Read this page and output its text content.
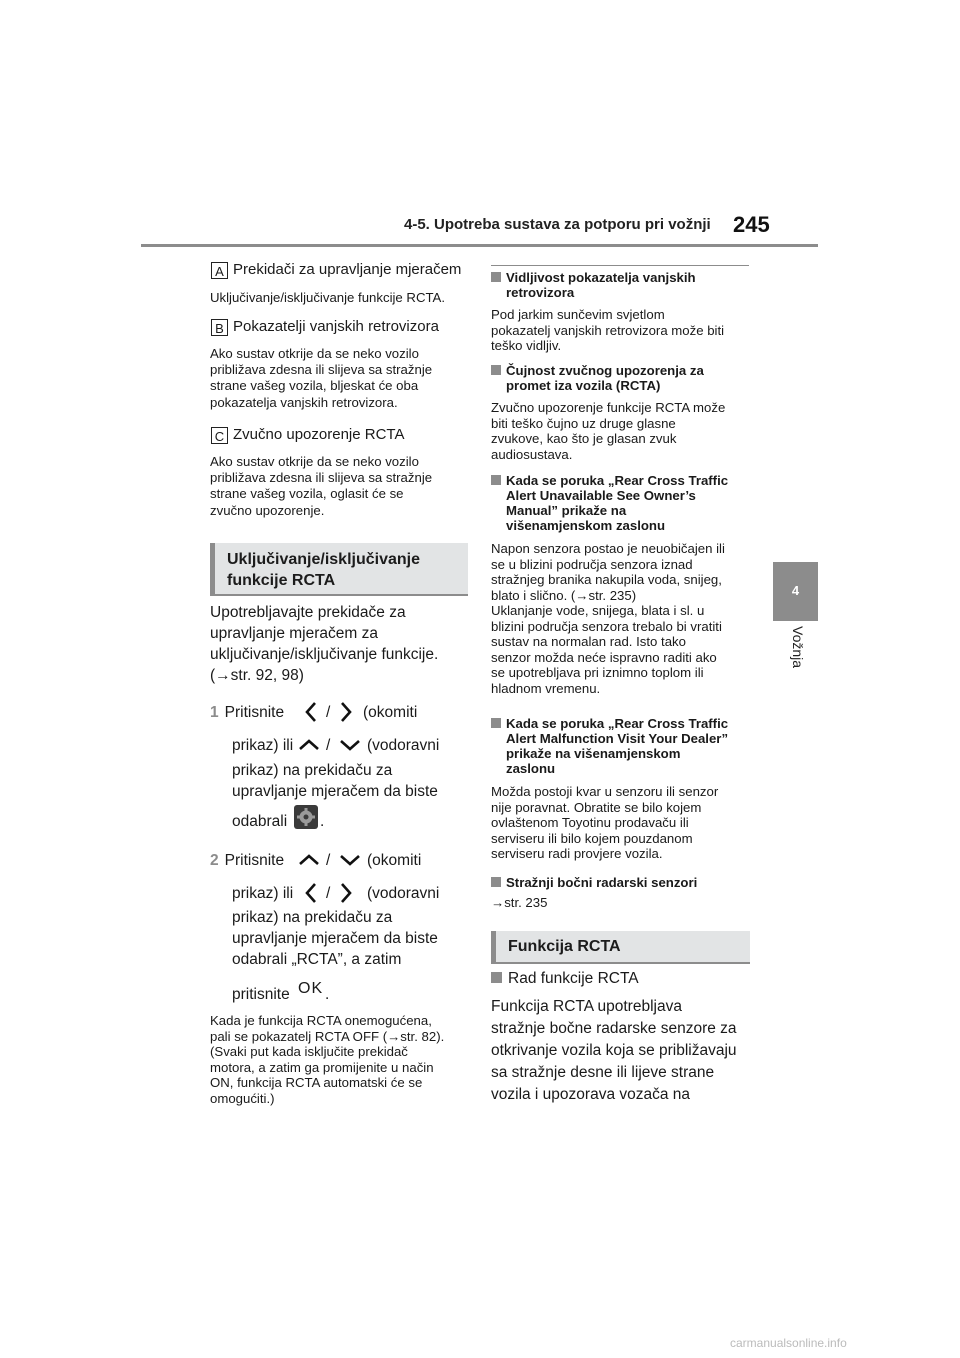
4-5. Upotreba sustava za potporu pri vožnji 245
4
Vožnja
A Prekidači za upravljanje mjeračem
Uključivanje/isključivanje funkcije RCTA.
B Pokazatelji vanjskih retrovizora
Ako sustav otkrije da se neko vozilo
približava zdesna ili slijeva sa stražnje
strane vašeg vozila, bljeskat će oba
pokazatelja vanjskih retrovizora.
C Zvučno upozorenje RCTA
Ako sustav otkrije da se neko vozilo
približava zdesna ili slijeva sa stražnje
strane vašeg vozila, oglasit će se
zvučno upozorenje.
Uključivanje/isključivanje
funkcije RCTA
Upotrebljavajte prekidače za
upravljanje mjeračem za
uključivanje/isključivanje funkcije.
(→str. 92, 98)
1 Pritisnite	/ (okomiti
prikaz) ili / (vodoravni
prikaz) na prekidaču za
upravljanje mjeračem da biste
odabrali .
2 Pritisnite	/ (okomiti
prikaz) ili / (vodoravni
prikaz) na prekidaču za
upravljanje mjeračem da biste
odabrali „RCTA”, a zatim
pritisnite OK .
Kada je funkcija RCTA onemogućena,
pali se pokazatelj RCTA OFF (→str. 82).
(Svaki put kada isključite prekidač
motora, a zatim ga promijenite u način
ON, funkcija RCTA automatski će se
omogućiti.)
Vidljivost pokazatelja vanjskih
retrovizora
Pod jarkim sunčevim svjetlom
pokazatelj vanjskih retrovizora može biti
teško vidljiv.
Čujnost zvučnog upozorenja za
promet iza vozila (RCTA)
Zvučno upozorenje funkcije RCTA može
biti teško čujno uz druge glasne
zvukove, kao što je glasan zvuk
audiosustava.
Kada se poruka „Rear Cross Traffic
Alert Unavailable See Owner’s
Manual” prikaže na
višenamjenskom zaslonu
Napon senzora postao je neuobičajen ili
se u blizini područja senzora iznad
stražnjeg branika nakupila voda, snijeg,
blato i slično. (→str. 235)
Uklanjanje vode, snijega, blata i sl. u
blizini područja senzora trebalo bi vratiti
sustav na normalan rad. Isto tako
senzor možda neće ispravno raditi ako
se upotrebljava pri iznimno toplom ili
hladnom vremenu.
Kada se poruka „Rear Cross Traffic
Alert Malfunction Visit Your Dealer”
prikaže na višenamjenskom
zaslonu
Možda postoji kvar u senzoru ili senzor
nije poravnat. Obratite se bilo kojem
ovlaštenom Toyotinu prodavaču ili
serviseru ili bilo kojem pouzdanom
serviseru radi provjere vozila.
Stražnji bočni radarski senzori
→str. 235
Funkcija RCTA
Rad funkcije RCTA
Funkcija RCTA upotrebljava
stražnje bočne radarske senzore za
otkrivanje vozila koja se približavaju
sa stražnje desne ili lijeve strane
vozila i upozorava vozača na
carmanualsonline.info
